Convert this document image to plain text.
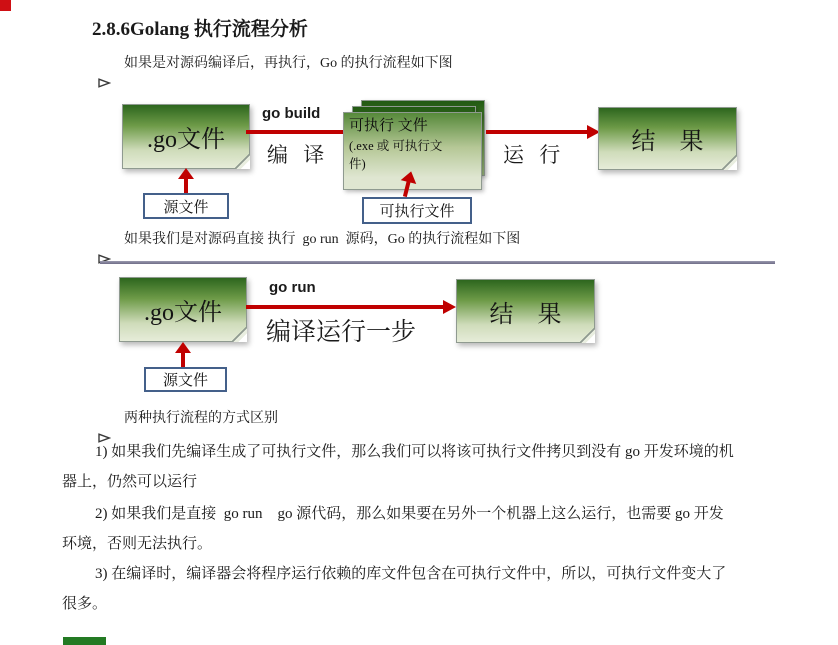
2.8.6Golang 执行流程分析

如果是对源码编译后，再执行，Go 的执行流程如下图
.go文件
go build
编 译
可执行 文件
(.exe 或 可执行文
件)	运 行	结 果
源文件	可执行文件

如果我们是对源码直接 执行  go run  源码，Go 的执行流程如下图
.go文件
go run
编译运行一步
结 果
源文件

两种执行流程的方式区别
1) 如果我们先编译生成了可执行文件，那么我们可以将该可执行文件拷贝到没有 go 开发环境的机
器上，仍然可以运行
2) 如果我们是直接  go run    go 源代码，那么如果要在另外一个机器上这么运行，也需要 go 开发
环境，否则无法执行。
3) 在编译时，编译器会将程序运行依赖的库文件包含在可执行文件中，所以，可执行文件变大了
很多。
